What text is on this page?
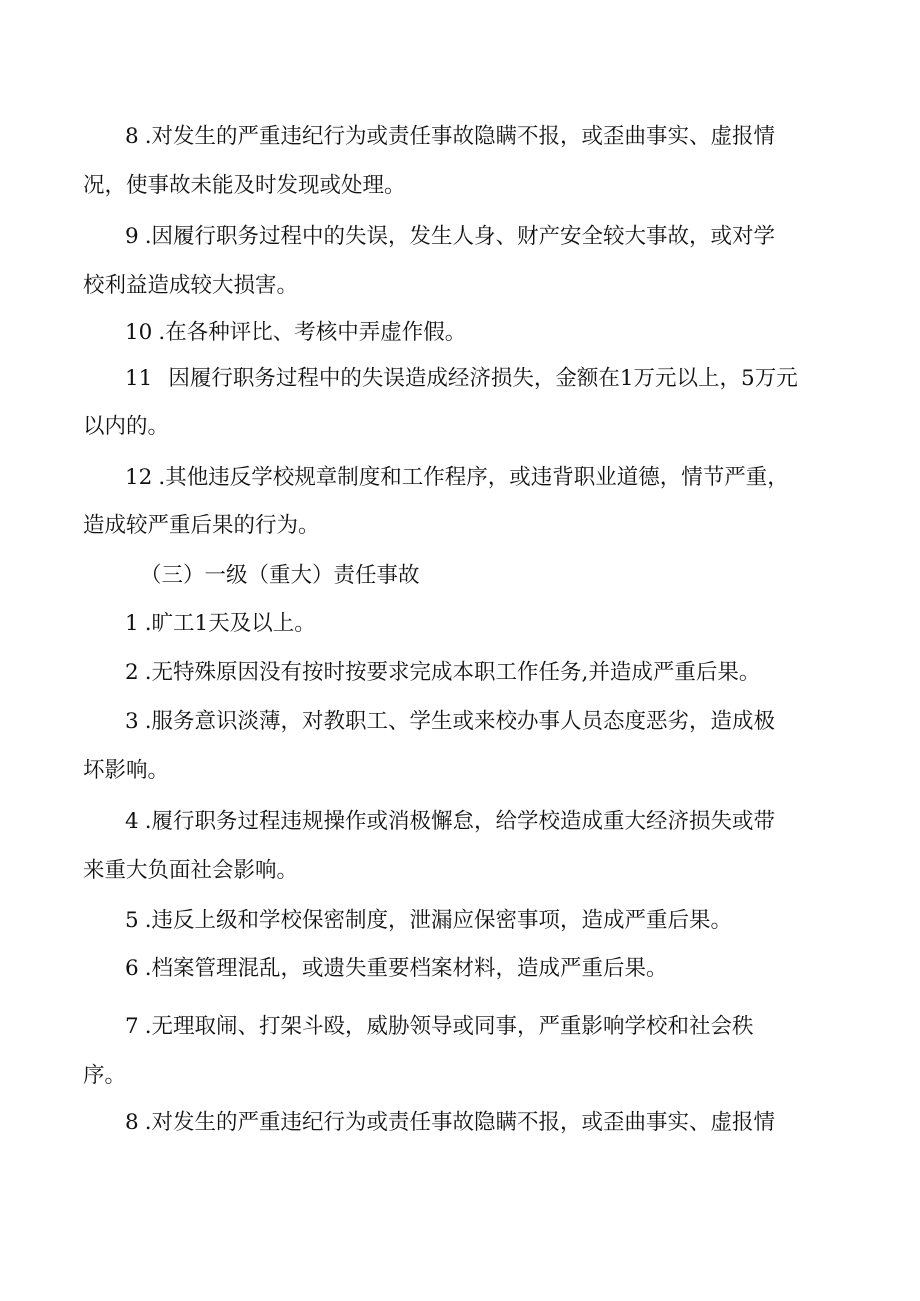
8 .对发生的严重违纪行为或责任事故隐瞒不报，或歪曲事实、虚报情
况，使事故未能及时发现或处理。
9 .因履行职务过程中的失误，发生人身、财产安全较大事故，或对学
校利益造成较大损害。
10 .在各种评比、考核中弄虚作假。
11 因履行职务过程中的失误造成经济损失，金额在1万元以上，5万元
以内的。
12 .其他违反学校规章制度和工作程序，或违背职业道德，情节严重，
造成较严重后果的行为。
（三）一级（重大）责任事故
1 .旷工1天及以上。
2 .无特殊原因没有按时按要求完成本职工作任务,并造成严重后果。
3 .服务意识淡薄，对教职工、学生或来校办事人员态度恶劣，造成极
坏影响。
4 .履行职务过程违规操作或消极懈怠，给学校造成重大经济损失或带
来重大负面社会影响。
5 .违反上级和学校保密制度，泄漏应保密事项，造成严重后果。
6 .档案管理混乱，或遗失重要档案材料，造成严重后果。
7 .无理取闹、打架斗殴，威胁领导或同事，严重影响学校和社会秩
序。
8 .对发生的严重违纪行为或责任事故隐瞒不报，或歪曲事实、虚报情
